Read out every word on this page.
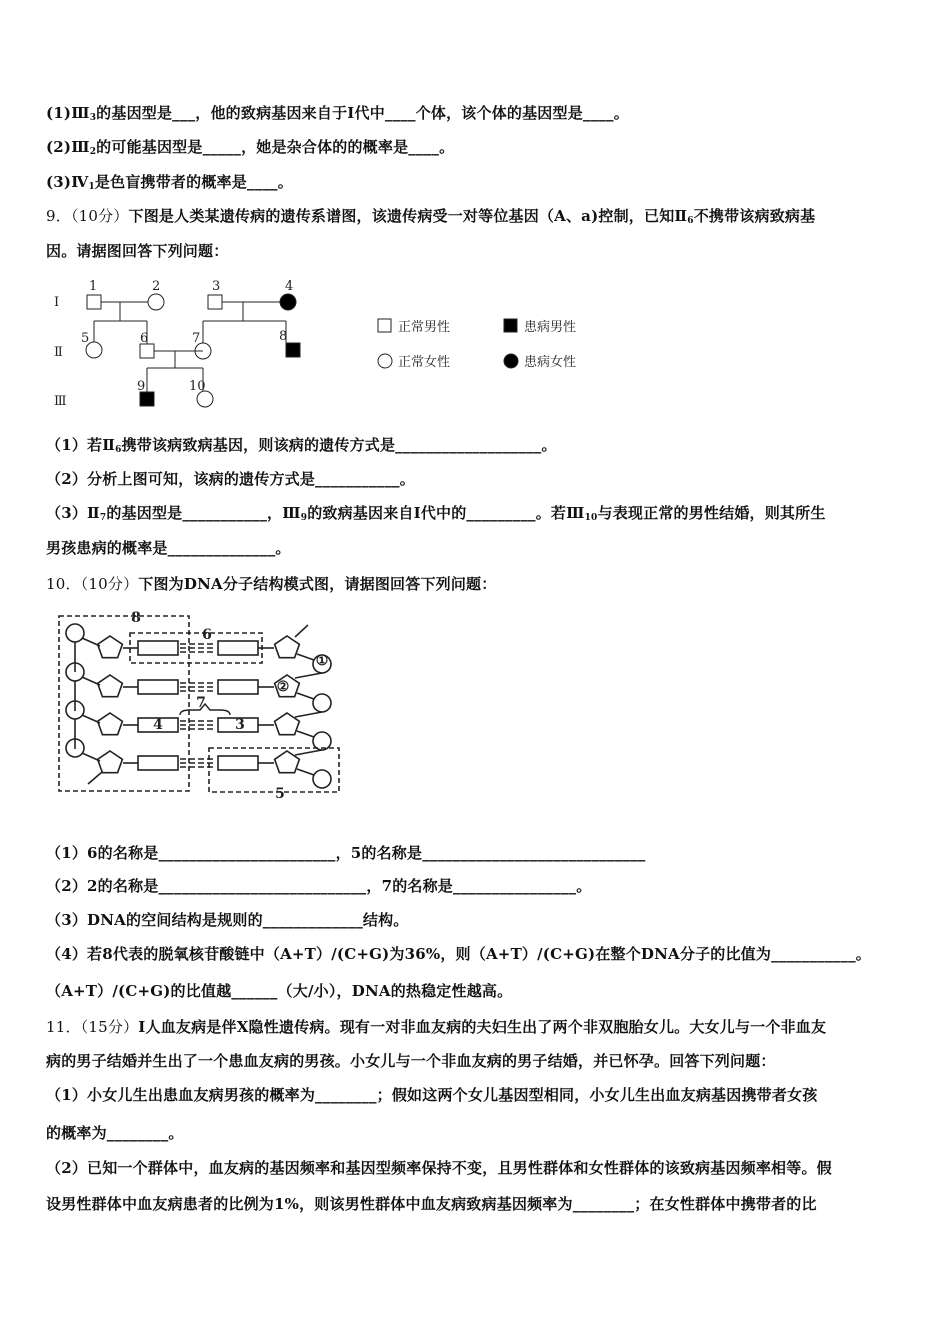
$(1)Ⅲ_3$的基因型是___，他的致病基因来自于Ⅰ代中____个体，该个体的基因型是____。
$(2)Ⅲ_2$的可能基因型是_____，她是杂合体的的概率是____。
$(3)Ⅳ_1$是色盲携带者的概率是____。
9．（10分）下图是人类某遗传病的遗传系谱图，该遗传病受一对等位基因（A、a)控制，已知$Ⅱ_6$不携带该病致病基
因。请据图回答下列问题：
（1）若$Ⅱ_6$携带该病致病基因，则该病的遗传方式是___________________。
（2）分析上图可知，该病的遗传方式是___________。
$(3)Ⅱ_7$的基因型是___________，$Ⅲ_9$的致病基因来自Ⅰ代中的_________。若$Ⅲ_{10}$与表现正常的男性结婚，则其所生
男孩患病的概率是______________。
10．（10分）下图为DNA分子结构模式图，请据图回答下列问题：
（1）6的名称是_______________________，5的名称是_____________________________
（2）2的名称是___________________________，7的名称是________________。
（3）DNA的空间结构是规则的_____________结构。
（4）若8代表的脱氧核苷酸链中（A+T）/(C+G)为36%，则（A+T）/(C+G)在整个DNA分子的比值为___________。
（A+T）/(C+G)的比值越______（大/小），DNA的热稳定性越高。
11．（15分）I人血友病是伴X隐性遗传病。现有一对非血友病的夫妇生出了两个非双胞胎女儿。大女儿与一个非血友
病的男子结婚并生出了一个患血友病的男孩。小女儿与一个非血友病的男子结婚，并已怀孕。回答下列问题：
（1）小女儿生出患血友病男孩的概率为________；假如这两个女儿基因型相同，小女儿生出血友病基因携带者女孩
的概率为________。
（2）已知一个群体中，血友病的基因频率和基因型频率保持不变，且男性群体和女性群体的该致病基因频率相等。假
设男性群体中血友病患者的比例为1%，则该男性群体中血友病致病基因频率为________；在女性群体中携带者的比
Ⅰ
Ⅱ
Ⅲ
1	2	3	4
5	6	7	8
9	10
正常男性	患病男性
正常女性	患病女性
8
6
①
②
7
4	3
5
